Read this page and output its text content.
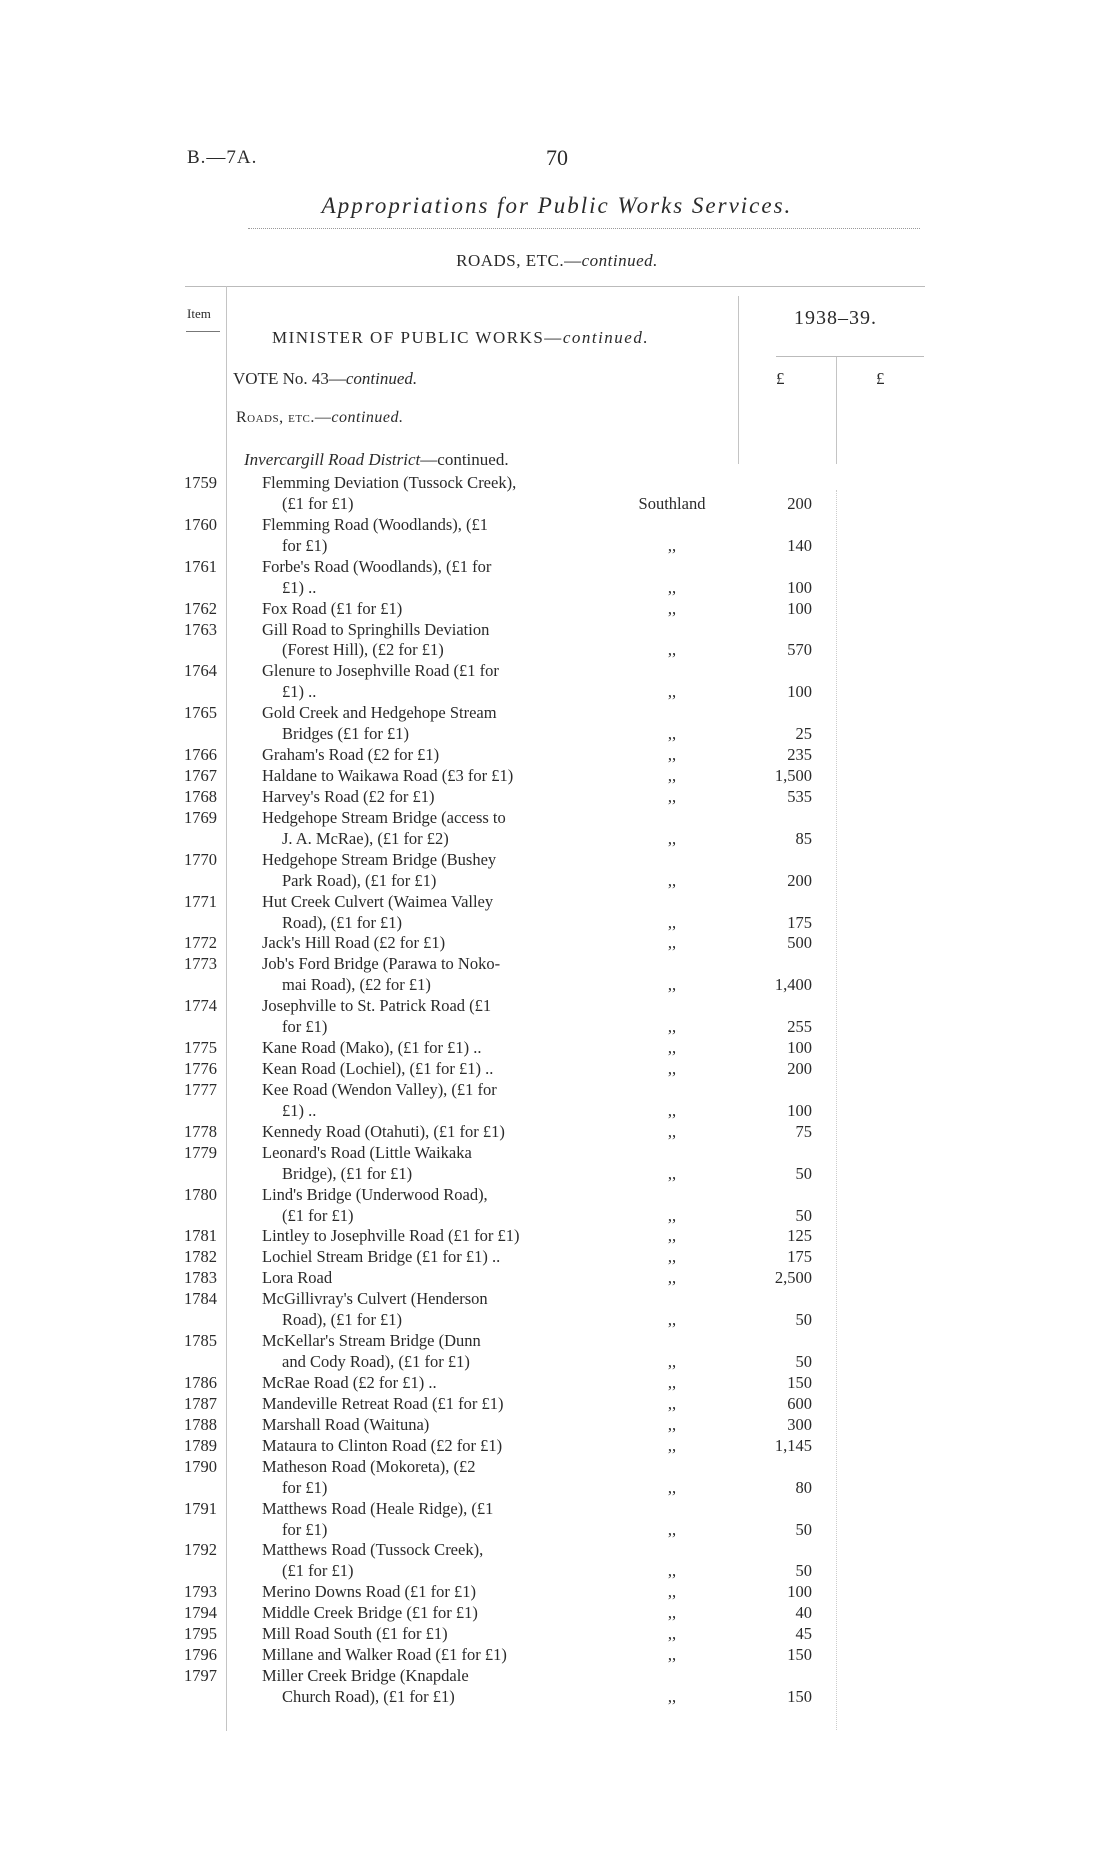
B.—7A.	70
Appropriations for Public Works Services.
ROADS, ETC.—continued.
Item
MINISTER OF PUBLIC WORKS—continued.
1938–39.
VOTE No. 43—continued.	£	£
Roads, etc.—continued.
Invercargill Road District—continued.
1759	Flemming Deviation (Tussock Creek),
(£1 for £1)	Southland	200
1760	Flemming Road (Woodlands), (£1
for £1)	,,	140
1761	Forbe's Road (Woodlands), (£1 for
£1) ..	,,	100
1762	Fox Road (£1 for £1)	,,	100
1763	Gill Road to Springhills Deviation
(Forest Hill), (£2 for £1)	,,	570
1764	Glenure to Josephville Road (£1 for
£1) ..	,,	100
1765	Gold Creek and Hedgehope Stream
Bridges (£1 for £1)	,,	25
1766	Graham's Road (£2 for £1)	,,	235
1767	Haldane to Waikawa Road (£3 for £1)	,,	1,500
1768	Harvey's Road (£2 for £1)	,,	535
1769	Hedgehope Stream Bridge (access to
J. A. McRae), (£1 for £2)	,,	85
1770	Hedgehope Stream Bridge (Bushey
Park Road), (£1 for £1)	,,	200
1771	Hut Creek Culvert (Waimea Valley
Road), (£1 for £1)	,,	175
1772	Jack's Hill Road (£2 for £1)	,,	500
1773	Job's Ford Bridge (Parawa to Noko-
mai Road), (£2 for £1)	,,	1,400
1774	Josephville to St. Patrick Road (£1
for £1)	,,	255
1775	Kane Road (Mako), (£1 for £1) ..	,,	100
1776	Kean Road (Lochiel), (£1 for £1) ..	,,	200
1777	Kee Road (Wendon Valley), (£1 for
£1) ..	,,	100
1778	Kennedy Road (Otahuti), (£1 for £1)	,,	75
1779	Leonard's Road (Little Waikaka
Bridge), (£1 for £1)	,,	50
1780	Lind's Bridge (Underwood Road),
(£1 for £1)	,,	50
1781	Lintley to Josephville Road (£1 for £1)	,,	125
1782	Lochiel Stream Bridge (£1 for £1) ..	,,	175
1783	Lora Road	,,	2,500
1784	McGillivray's Culvert (Henderson
Road), (£1 for £1)	,,	50
1785	McKellar's Stream Bridge (Dunn
and Cody Road), (£1 for £1)	,,	50
1786	McRae Road (£2 for £1) ..	,,	150
1787	Mandeville Retreat Road (£1 for £1)	,,	600
1788	Marshall Road (Waituna)	,,	300
1789	Mataura to Clinton Road (£2 for £1)	,,	1,145
1790	Matheson Road (Mokoreta), (£2
for £1)	,,	80
1791	Matthews Road (Heale Ridge), (£1
for £1)	,,	50
1792	Matthews Road (Tussock Creek),
(£1 for £1)	,,	50
1793	Merino Downs Road (£1 for £1)	,,	100
1794	Middle Creek Bridge (£1 for £1)	,,	40
1795	Mill Road South (£1 for £1)	,,	45
1796	Millane and Walker Road (£1 for £1)	,,	150
1797	Miller Creek Bridge (Knapdale
Church Road), (£1 for £1)	,,	150
